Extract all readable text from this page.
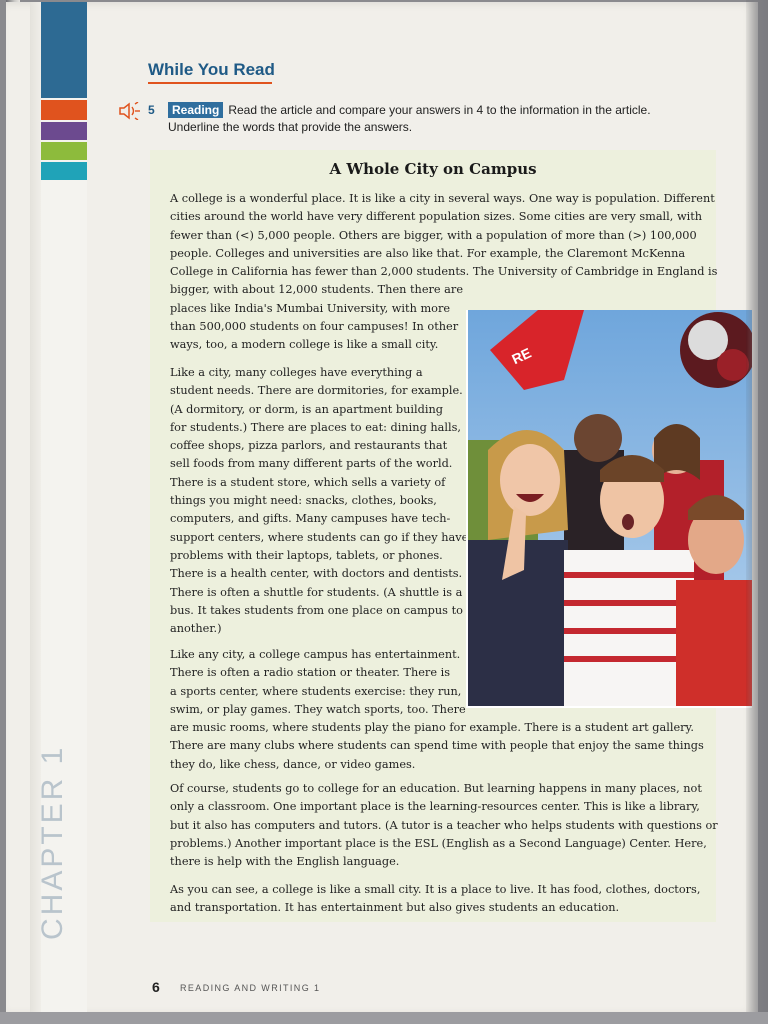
CHAPTER 1
While You Read
5	Reading Read the article and compare your answers in 4 to the information in the article.
Underline the words that provide the answers.
A Whole City on Campus
A college is a wonderful place. It is like a city in several ways. One way is population. Different
cities around the world have very different population sizes. Some cities are very small, with
fewer than (<) 5,000 people. Others are bigger, with a population of more than (>) 100,000
people. Colleges and universities are also like that. For example, the Claremont McKenna
College in California has fewer than 2,000 students. The University of Cambridge in England is
bigger, with about 12,000 students. Then there are
places like India's Mumbai University, with more
than 500,000 students on four campuses! In other
ways, too, a modern college is like a small city.
Like a city, many colleges have everything a
student needs. There are dormitories, for example.
(A dormitory, or dorm, is an apartment building
for students.) There are places to eat: dining halls,
coffee shops, pizza parlors, and restaurants that
sell foods from many different parts of the world.
There is a student store, which sells a variety of
things you might need: snacks, clothes, books,
computers, and gifts. Many campuses have tech-
support centers, where students can go if they have
problems with their laptops, tablets, or phones.
There is a health center, with doctors and dentists.
There is often a shuttle for students. (A shuttle is a
bus. It takes students from one place on campus to
another.)
Like any city, a college campus has entertainment.
There is often a radio station or theater. There is
a sports center, where students exercise: they run,
swim, or play games. They watch sports, too. There
are music rooms, where students play the piano for example. There is a student art gallery.
There are many clubs where students can spend time with people that enjoy the same things
they do, like chess, dance, or video games.
Of course, students go to college for an education. But learning happens in many places, not
only a classroom. One important place is the learning-resources center. This is like a library,
but it also has computers and tutors. (A tutor is a teacher who helps students with questions or
problems.) Another important place is the ESL (English as a Second Language) Center. Here,
there is help with the English language.
As you can see, a college is like a small city. It is a place to live. It has food, clothes, doctors,
and transportation. It has entertainment but also gives students an education.
RE
6 READING AND WRITING 1
